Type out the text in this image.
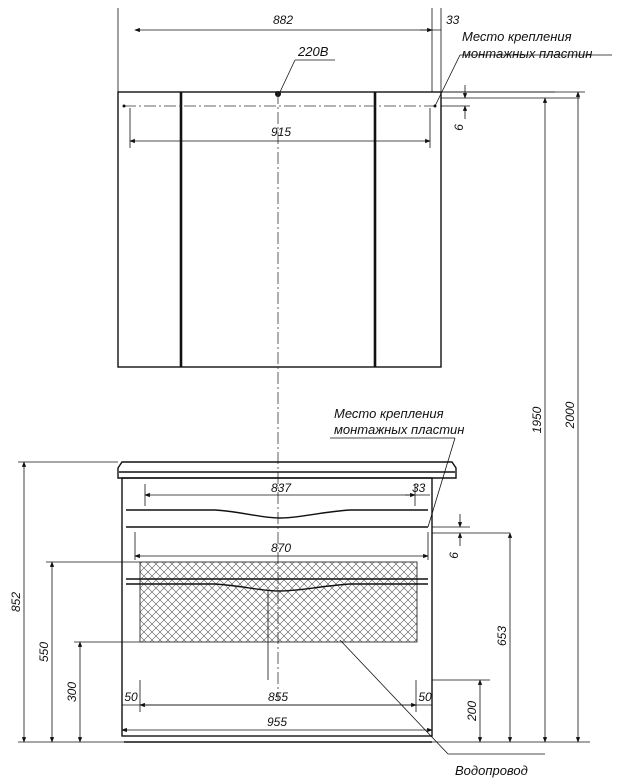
882	33
220В
Место крепления
монтажных пластин
915	6
837	33
Место крепления
монтажных пластин
870
6
1950 2000
653
200
852
550
300	50	855	50
955
Водопровод
